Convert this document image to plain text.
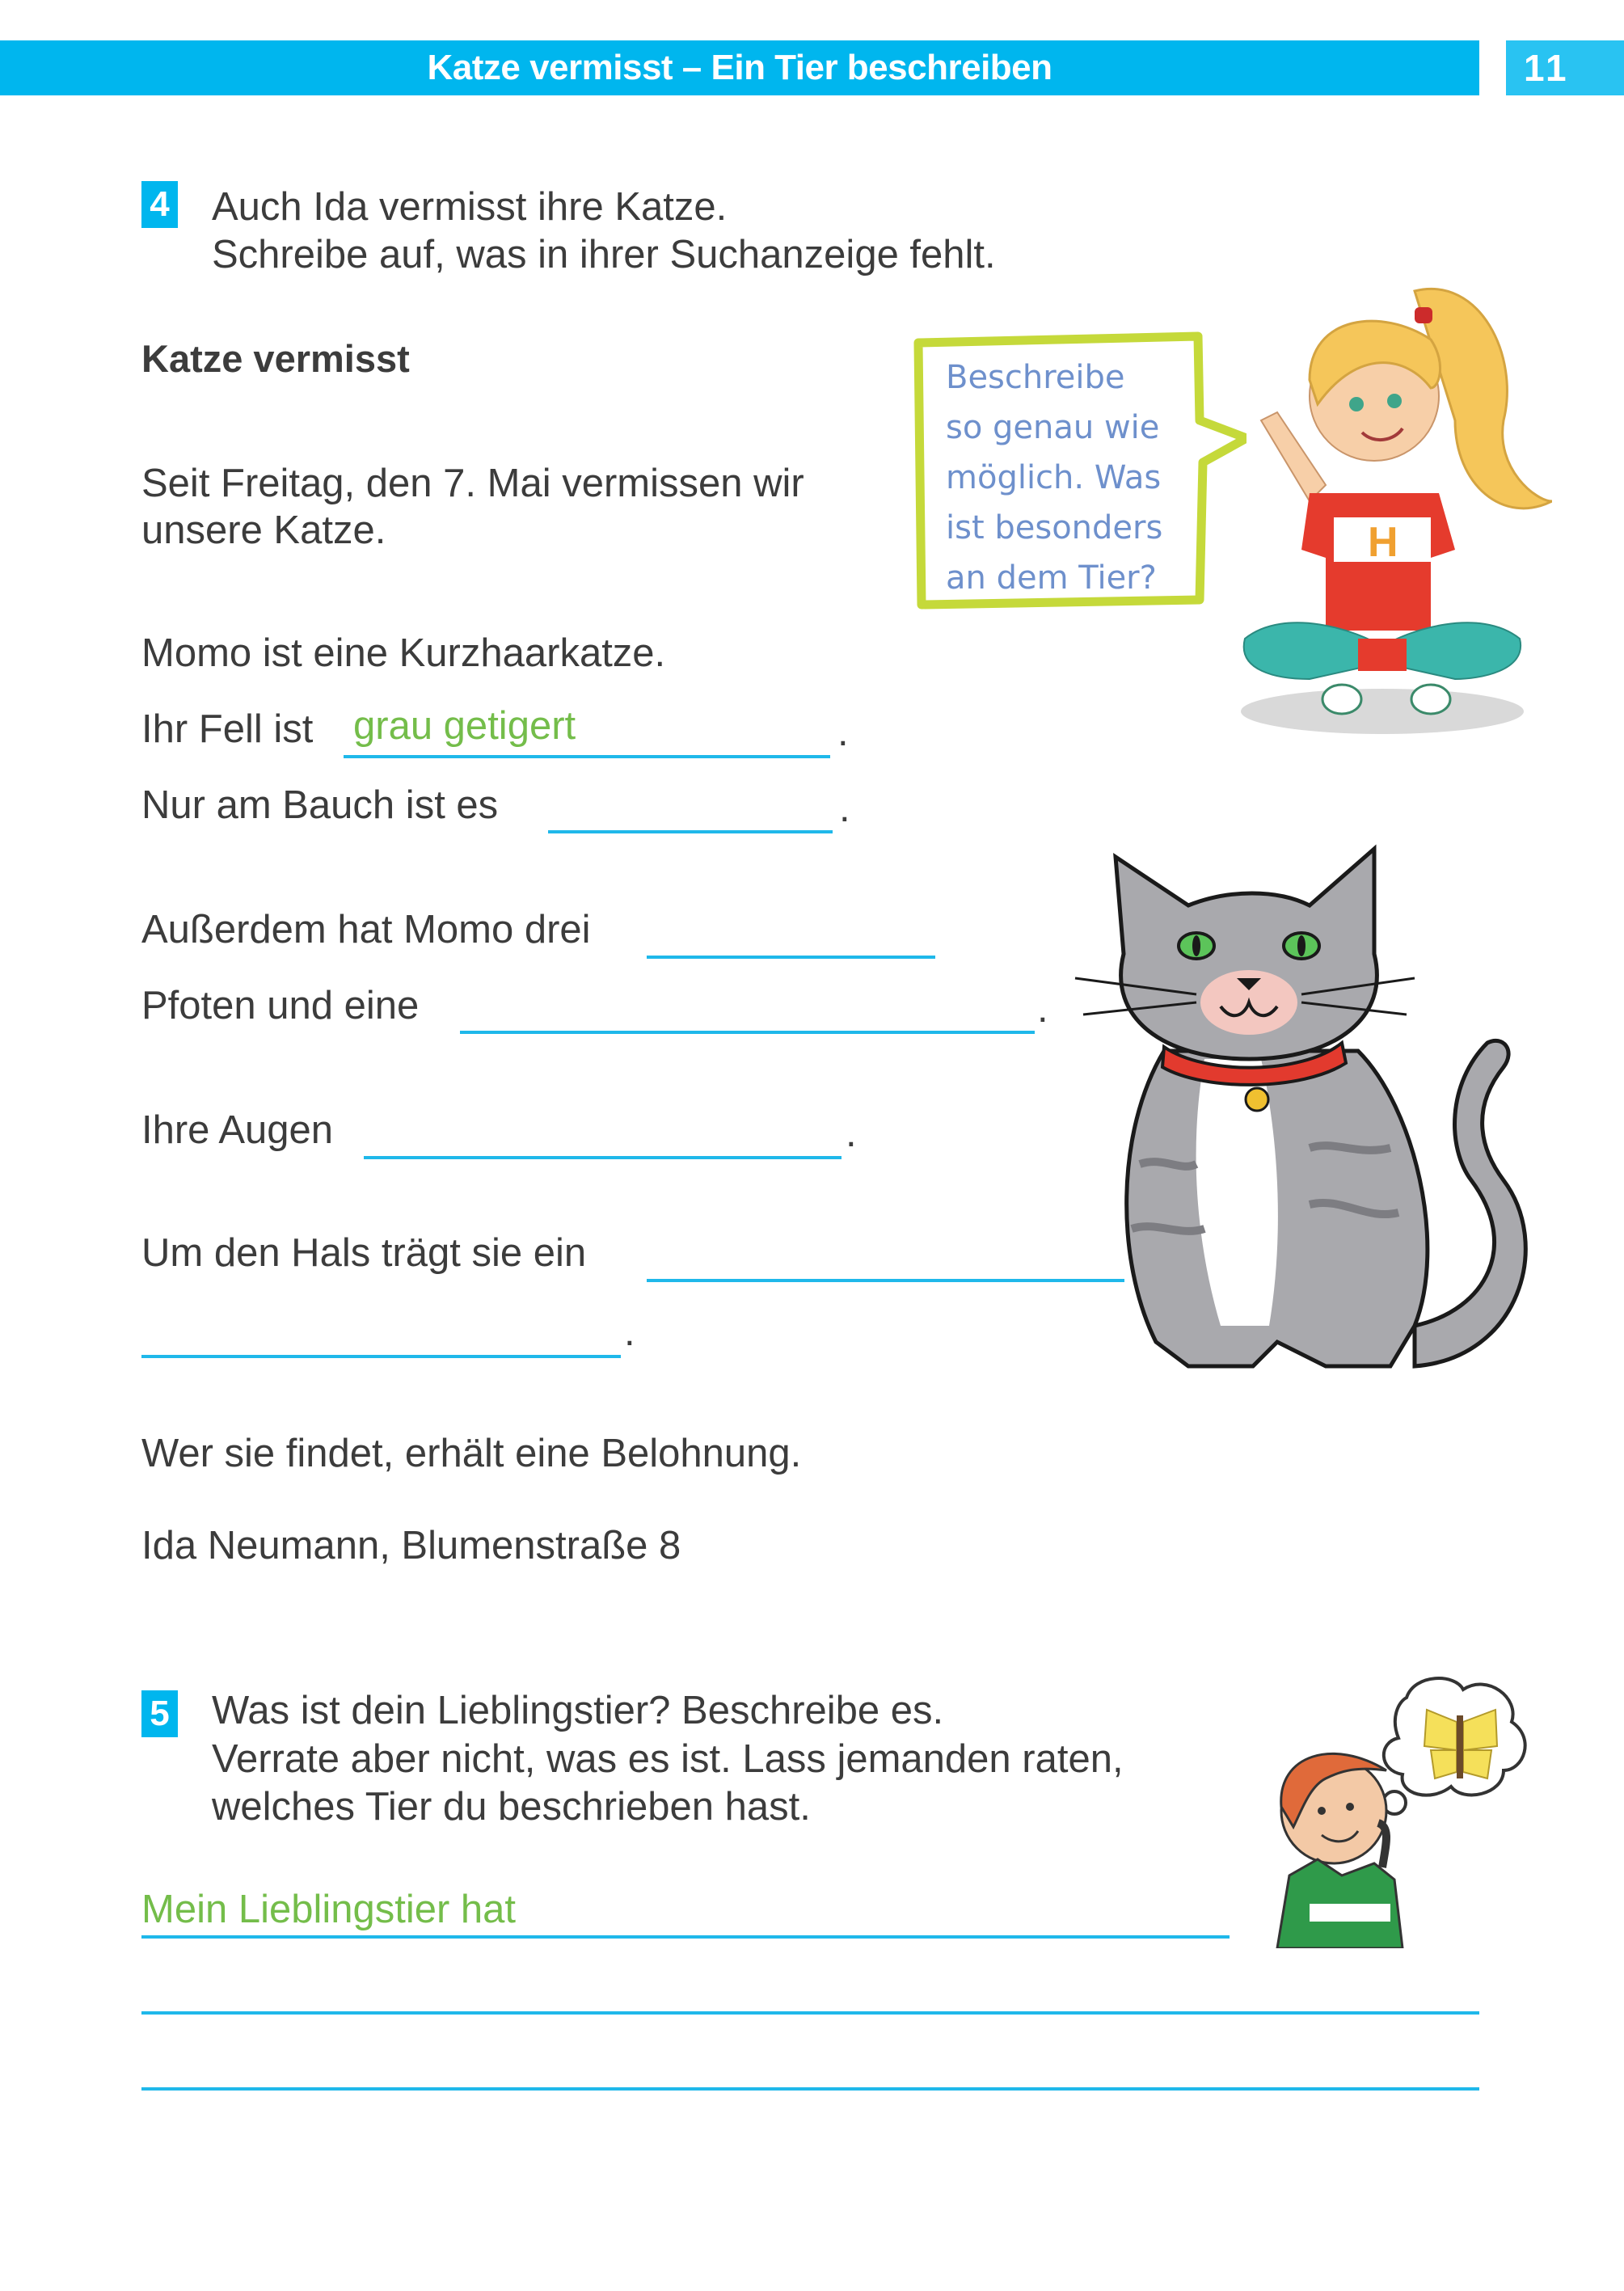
Katze vermisst – Ein Tier beschreiben	11
4 Auch Ida vermisst ihre Katze.
Schreibe auf, was in ihrer Suchanzeige fehlt.
Katze vermisst
Seit Freitag, den 7. Mai vermissen wir
unsere Katze.
Momo ist eine Kurzhaarkatze.
Ihr Fell ist grau getigert	.
Nur am Bauch ist es	.
Außerdem hat Momo drei
Pfoten und eine	.
Ihre Augen	.
Um den Hals trägt sie ein
.
Wer sie findet, erhält eine Belohnung.
Ida Neumann, Blumenstraße 8
Beschreibe
so genau wie
möglich. Was
ist besonders
an dem Tier?
H
5 Was ist dein Lieblingstier? Beschreibe es.
Verrate aber nicht, was es ist. Lass jemanden raten,
welches Tier du beschrieben hast.
Mein Lieblingstier hat
